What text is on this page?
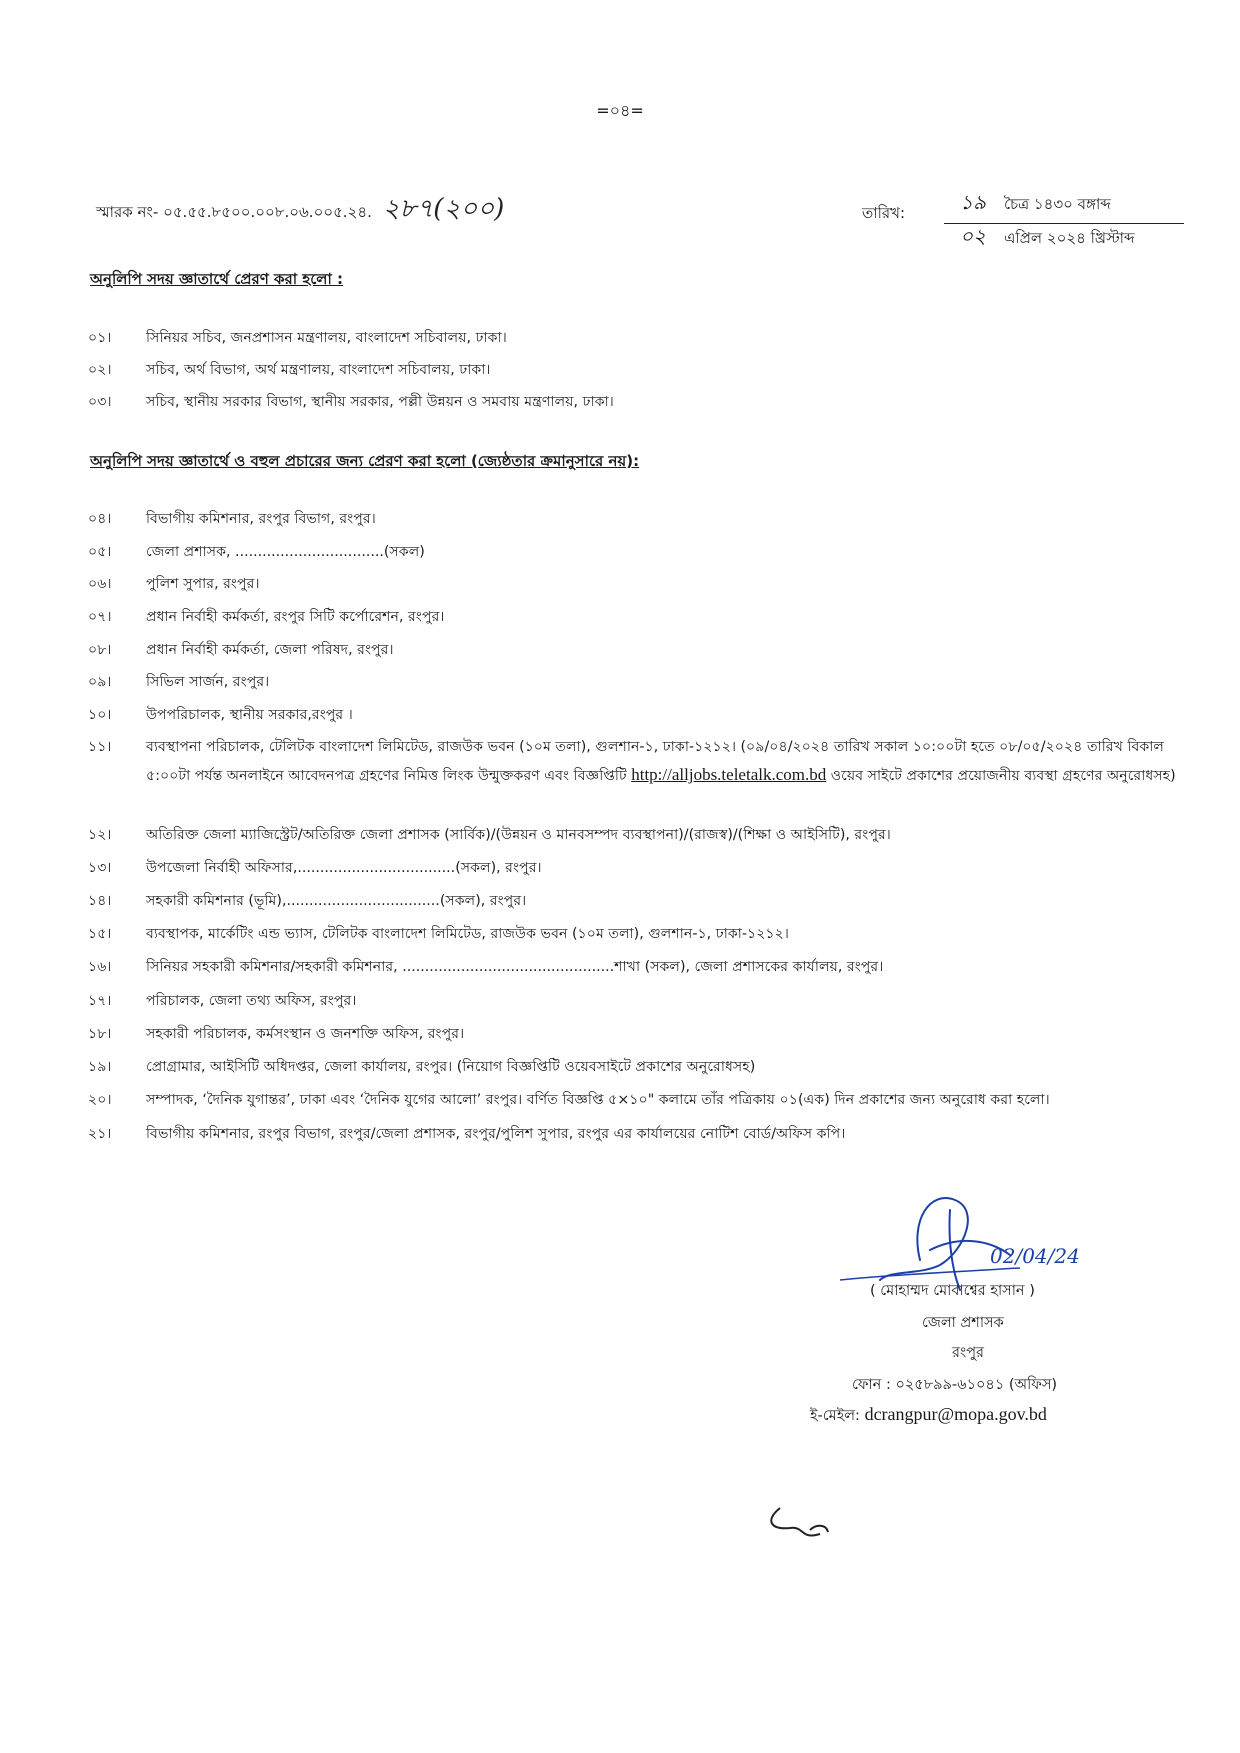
=০৪=
স্মারক নং- ০৫.৫৫.৮৫০০.০০৮.০৬.০০৫.২৪. ২৮৭(২০০)	তারিখ:	১৯ চৈত্র ১৪৩০ বঙ্গাব্দ
০২ এপ্রিল ২০২৪ খ্রিস্টাব্দ
অনুলিপি সদয় জ্ঞাতার্থে প্রেরণ করা হলো :
০১।	সিনিয়র সচিব, জনপ্রশাসন মন্ত্রণালয়, বাংলাদেশ সচিবালয়, ঢাকা।
০২।	সচিব, অর্থ বিভাগ, অর্থ মন্ত্রণালয়, বাংলাদেশ সচিবালয়, ঢাকা।
০৩।	সচিব, স্থানীয় সরকার বিভাগ, স্থানীয় সরকার, পল্লী উন্নয়ন ও সমবায় মন্ত্রণালয়, ঢাকা।
অনুলিপি সদয় জ্ঞাতার্থে ও বহুল প্রচারের জন্য প্রেরণ করা হলো (জ্যেষ্ঠতার ক্রমানুসারে নয়):
০৪।	বিভাগীয় কমিশনার, রংপুর বিভাগ, রংপুর।
০৫।	জেলা প্রশাসক, .................................(সকল)
০৬।	পুলিশ সুপার, রংপুর।
০৭।	প্রধান নির্বাহী কর্মকর্তা, রংপুর সিটি কর্পোরেশন, রংপুর।
০৮।	প্রধান নির্বাহী কর্মকর্তা, জেলা পরিষদ, রংপুর।
০৯।	সিভিল সার্জন, রংপুর।
১০।	উপপরিচালক, স্থানীয় সরকার,রংপুর ।
১১।	ব্যবস্থাপনা পরিচালক, টেলিটক বাংলাদেশ লিমিটেড, রাজউক ভবন (১০ম তলা), গুলশান-১, ঢাকা-১২১২। (০৯/০৪/২০২৪ তারিখ সকাল ১০:০০টা হতে ০৮/০৫/২০২৪ তারিখ বিকাল ৫:০০টা পর্যন্ত অনলাইনে আবেদনপত্র গ্রহণের নিমিত্ত লিংক উন্মুক্তকরণ এবং বিজ্ঞপ্তিটি http://alljobs.teletalk.com.bd ওয়েব সাইটে প্রকাশের প্রয়োজনীয় ব্যবস্থা গ্রহণের অনুরোধসহ)
১২।	অতিরিক্ত জেলা ম্যাজিস্ট্রেট/অতিরিক্ত জেলা প্রশাসক (সার্বিক)/(উন্নয়ন ও মানবসম্পদ ব্যবস্থাপনা)/(রাজস্ব)/(শিক্ষা ও আইসিটি), রংপুর।
১৩।	উপজেলা নির্বাহী অফিসার,...................................(সকল), রংপুর।
১৪।	সহকারী কমিশনার (ভূমি),..................................(সকল), রংপুর।
১৫।	ব্যবস্থাপক, মার্কেটিং এন্ড ভ্যাস, টেলিটক বাংলাদেশ লিমিটেড, রাজউক ভবন (১০ম তলা), গুলশান-১, ঢাকা-১২১২।
১৬।	সিনিয়র সহকারী কমিশনার/সহকারী কমিশনার, ...............................................শাখা (সকল), জেলা প্রশাসকের কার্যালয়, রংপুর।
১৭।	পরিচালক, জেলা তথ্য অফিস, রংপুর।
১৮।	সহকারী পরিচালক, কর্মসংস্থান ও জনশক্তি অফিস, রংপুর।
১৯।	প্রোগ্রামার, আইসিটি অধিদপ্তর, জেলা কার্যালয়, রংপুর। (নিয়োগ বিজ্ঞপ্তিটি ওয়েবসাইটে প্রকাশের অনুরোধসহ)
২০।	সম্পাদক, ‘দৈনিক যুগান্তর’, ঢাকা এবং ‘দৈনিক যুগের আলো’ রংপুর। বর্ণিত বিজ্ঞপ্তি ৫×১০" কলামে তাঁর পত্রিকায় ০১(এক) দিন প্রকাশের জন্য অনুরোধ করা হলো।
২১।	বিভাগীয় কমিশনার, রংপুর বিভাগ, রংপুর/জেলা প্রশাসক, রংপুর/পুলিশ সুপার, রংপুর এর কার্যালয়ের নোটিশ বোর্ড/অফিস কপি।
02/04/24
( মোহাম্মদ মোবাশ্বের হাসান )
জেলা প্রশাসক
রংপুর
ফোন : ০২৫৮৯৯-৬১০৪১ (অফিস)
ই-মেইল: dcrangpur@mopa.gov.bd
